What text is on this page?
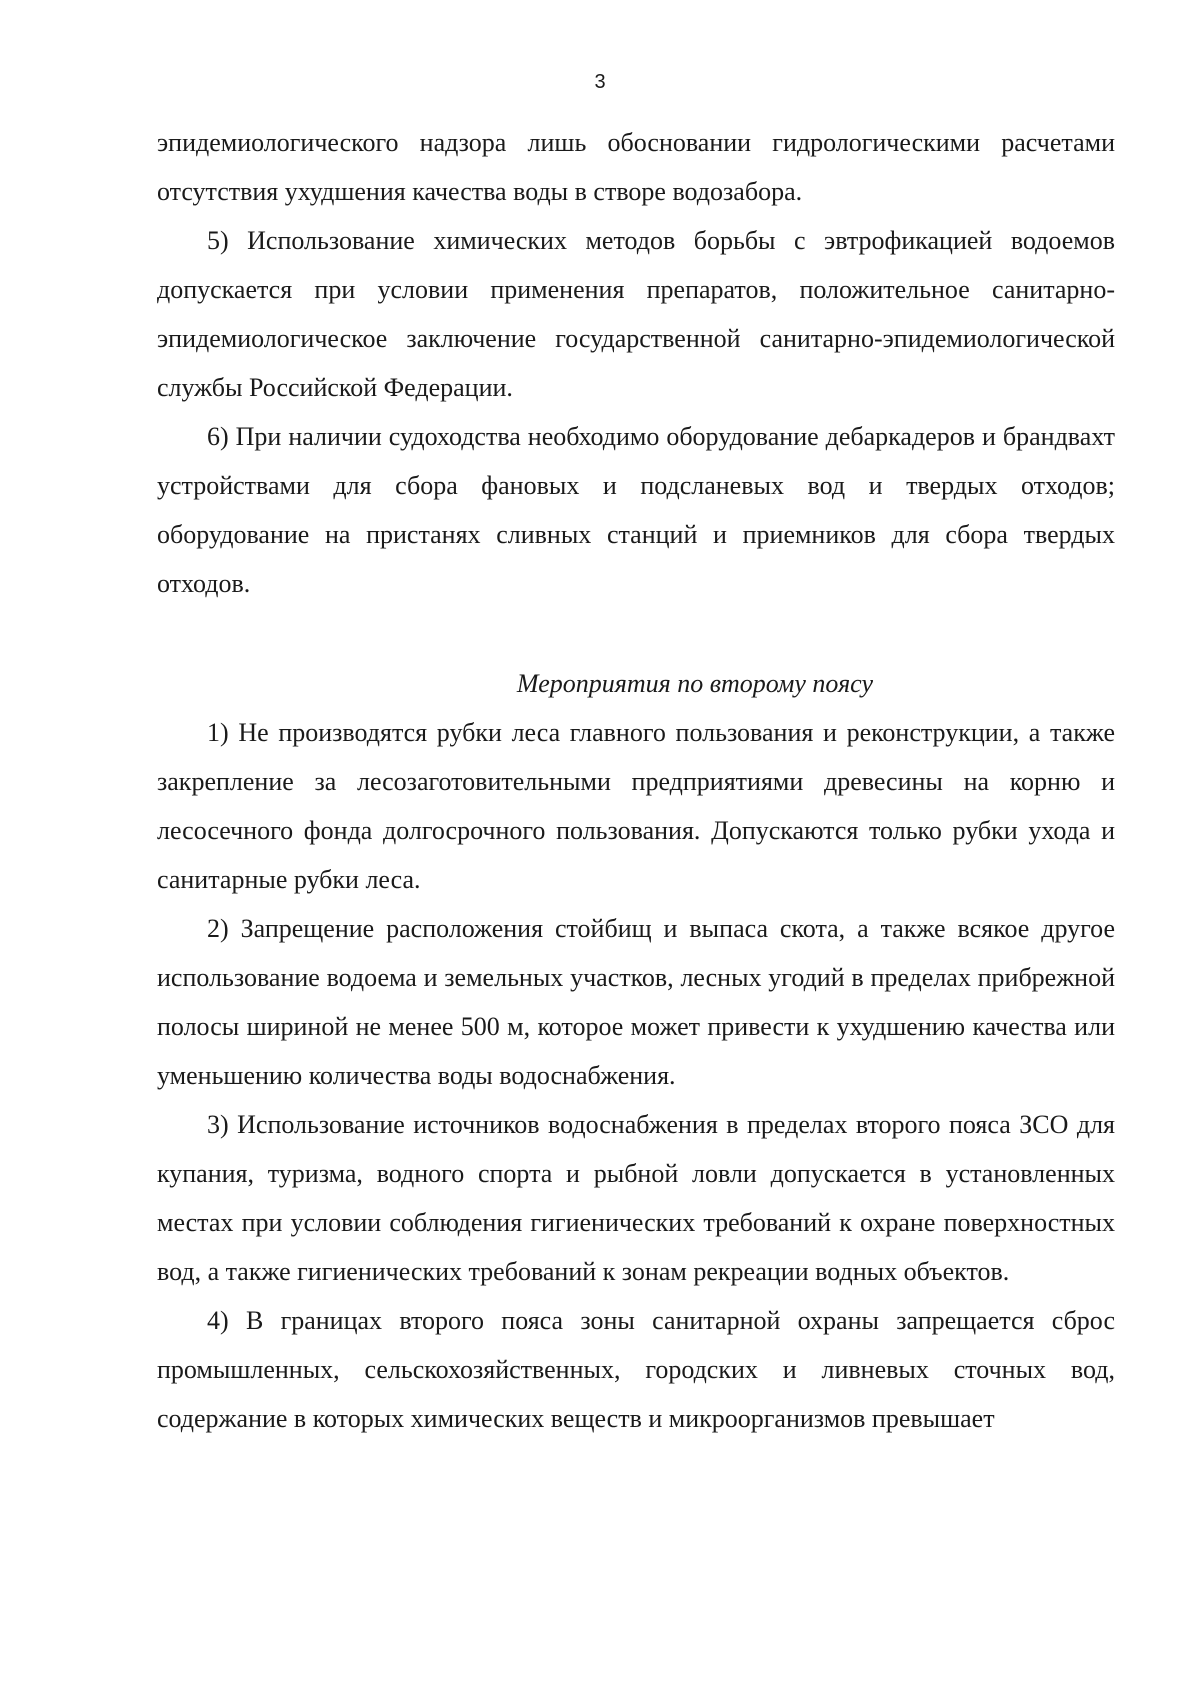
3

эпидемиологического надзора лишь обосновании гидрологическими расчетами отсутствия ухудшения качества воды в створе водозабора.

5) Использование химических методов борьбы с эвтрофикацией водоемов допускается при условии применения препаратов, положительное санитарно-эпидемиологическое заключение государственной санитарно-эпидемиологической службы Российской Федерации.

6) При наличии судоходства необходимо оборудование дебаркадеров и брандвахт устройствами для сбора фановых и подсланевых вод и твердых отходов; оборудование на пристанях сливных станций и приемников для сбора твердых отходов.

Мероприятия по второму поясу

1) Не производятся рубки леса главного пользования и реконструкции, а также закрепление за лесозаготовительными предприятиями древесины на корню и лесосечного фонда долгосрочного пользования. Допускаются только рубки ухода и санитарные рубки леса.

2) Запрещение расположения стойбищ и выпаса скота, а также всякое другое использование водоема и земельных участков, лесных угодий в пределах прибрежной полосы шириной не менее 500 м, которое может привести к ухудшению качества или уменьшению количества воды водоснабжения.

3) Использование источников водоснабжения в пределах второго пояса ЗСО для купания, туризма, водного спорта и рыбной ловли допускается в установленных местах при условии соблюдения гигиенических требований к охране поверхностных вод, а также гигиенических требований к зонам рекреации водных объектов.

4) В границах второго пояса зоны санитарной охраны запрещается сброс промышленных, сельскохозяйственных, городских и ливневых сточных вод, содержание в которых химических веществ и микроорганизмов превышает
